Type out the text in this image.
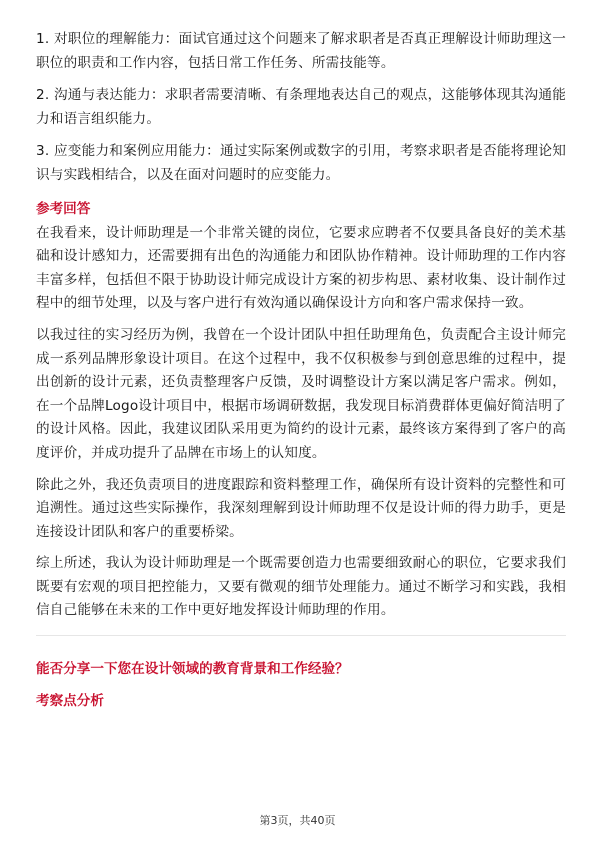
1. 对职位的理解能力：面试官通过这个问题来了解求职者是否真正理解设计师助理这一职位的职责和工作内容，包括日常工作任务、所需技能等。

2. 沟通与表达能力：求职者需要清晰、有条理地表达自己的观点，这能够体现其沟通能力和语言组织能力。

3. 应变能力和案例应用能力：通过实际案例或数字的引用，考察求职者是否能将理论知识与实践相结合，以及在面对问题时的应变能力。

参考回答

在我看来，设计师助理是一个非常关键的岗位，它要求应聘者不仅要具备良好的美术基础和设计感知力，还需要拥有出色的沟通能力和团队协作精神。设计师助理的工作内容丰富多样，包括但不限于协助设计师完成设计方案的初步构思、素材收集、设计制作过程中的细节处理，以及与客户进行有效沟通以确保设计方向和客户需求保持一致。

以我过往的实习经历为例，我曾在一个设计团队中担任助理角色，负责配合主设计师完成一系列品牌形象设计项目。在这个过程中，我不仅积极参与到创意思维的过程中，提出创新的设计元素，还负责整理客户反馈，及时调整设计方案以满足客户需求。例如，在一个品牌Logo设计项目中，根据市场调研数据，我发现目标消费群体更偏好简洁明了的设计风格。因此，我建议团队采用更为简约的设计元素，最终该方案得到了客户的高度评价，并成功提升了品牌在市场上的认知度。

除此之外，我还负责项目的进度跟踪和资料整理工作，确保所有设计资料的完整性和可追溯性。通过这些实际操作，我深刻理解到设计师助理不仅是设计师的得力助手，更是连接设计团队和客户的重要桥梁。

综上所述，我认为设计师助理是一个既需要创造力也需要细致耐心的职位，它要求我们既要有宏观的项目把控能力，又要有微观的细节处理能力。通过不断学习和实践，我相信自己能够在未来的工作中更好地发挥设计师助理的作用。

能否分享一下您在设计领域的教育背景和工作经验？
考察点分析
第3页，共40页
